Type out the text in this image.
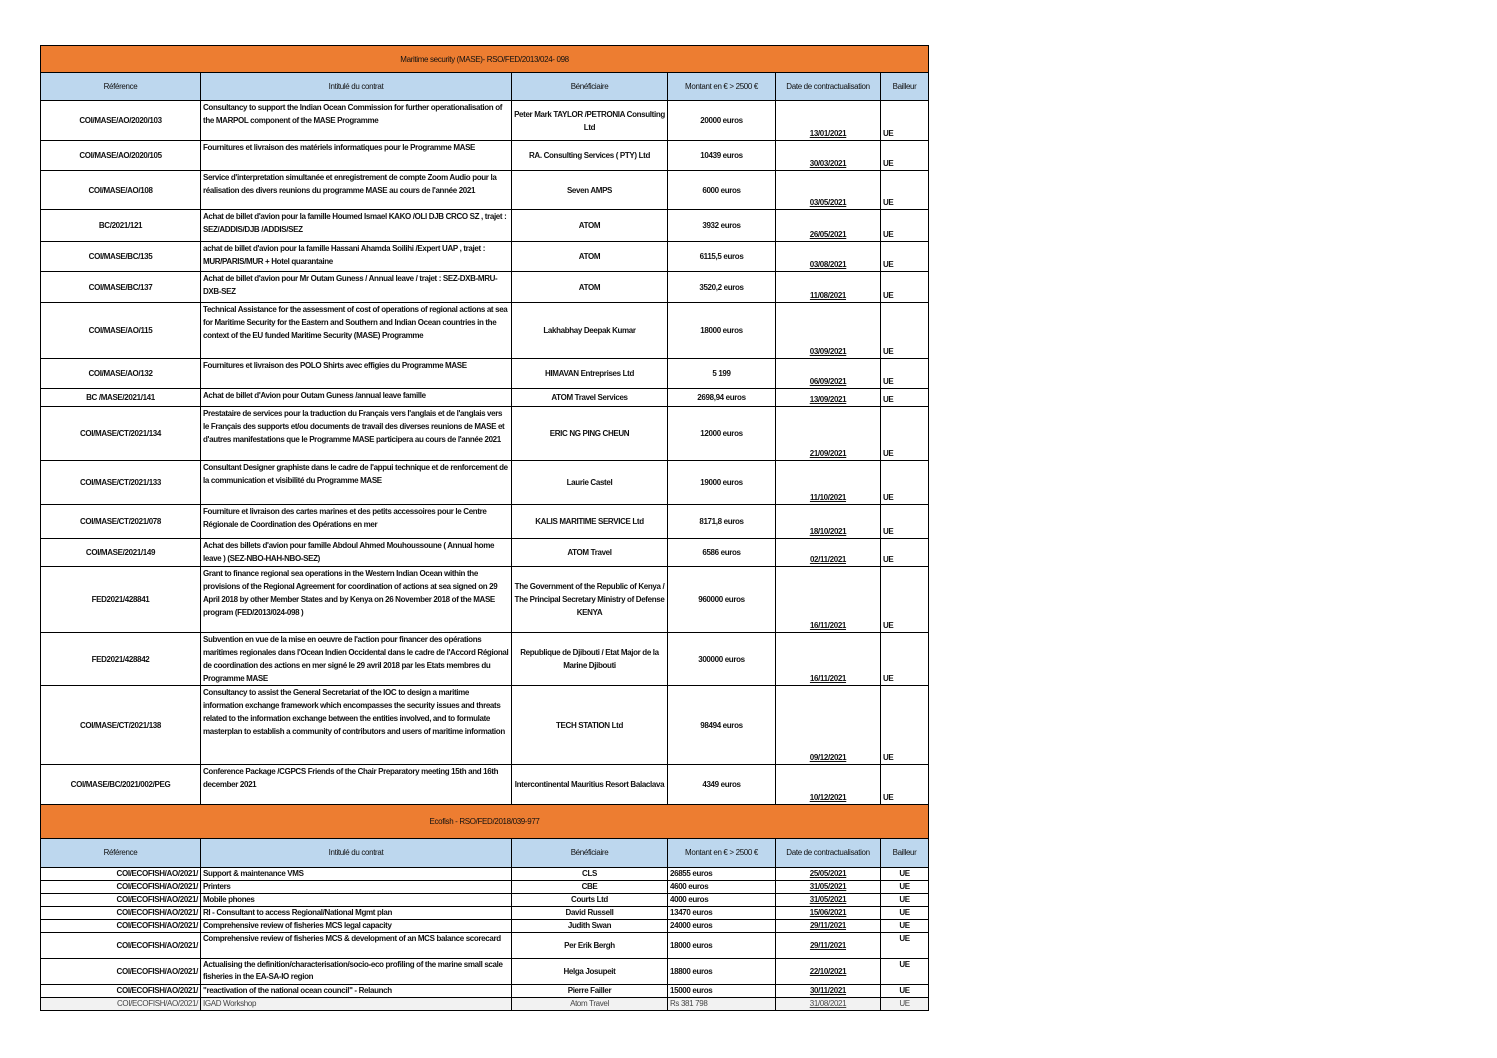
Maritime security (MASE)- RSO/FED/2013/024- 098					
Référence	Intitulé du contrat	Bénéficiaire	Montant en € > 2500 €	Date de contractualisation	Bailleur
COI/MASE/AO/2020/103	Consultancy to support the Indian Ocean Commission for further operationalisation of the MARPOL component of the MASE Programme	Peter Mark TAYLOR /PETRONIA Consulting Ltd	20000 euros	13/01/2021	UE
COI/MASE/AO/2020/105	Fournitures et livraison des matériels informatiques pour le Programme MASE	RA. Consulting Services ( PTY) Ltd	10439 euros	30/03/2021	UE
COI/MASE/AO/108	Service d'interpretation simultanée et enregistrement de compte Zoom Audio pour la réalisation des divers reunions du programme MASE au cours de l'année 2021	Seven AMPS	6000 euros	03/05/2021	UE
BC/2021/121	Achat de billet d'avion pour la famille Houmed Ismael KAKO /OLI DJB CRCO SZ , trajet : SEZ/ADDIS/DJB /ADDIS/SEZ	ATOM	3932 euros	26/05/2021	UE
COI/MASE/BC/135	achat de billet d'avion pour la famille Hassani Ahamda Soilihi /Expert UAP , trajet : MUR/PARIS/MUR + Hotel quarantaine	ATOM	6115,5 euros	03/08/2021	UE
COI/MASE/BC/137	Achat de billet d'avion pour Mr Outam Guness / Annual leave / trajet : SEZ-DXB-MRU-DXB-SEZ	ATOM	3520,2 euros	11/08/2021	UE
COI/MASE/AO/115	Technical Assistance for the assessment of cost of operations of regional actions at sea for Maritime Security for the Eastern and Southern and Indian Ocean countries in the context of the EU funded Maritime Security (MASE) Programme	Lakhabhay Deepak Kumar	18000 euros	03/09/2021	UE
COI/MASE/AO/132	Fournitures et livraison des POLO Shirts avec effigies du Programme MASE	HIMAVAN Entreprises Ltd	5 199	06/09/2021	UE
BC /MASE/2021/141	Achat de billet d'Avion pour Outam Guness /annual leave famille	ATOM Travel Services	2698,94 euros	13/09/2021	UE
COI/MASE/CT/2021/134	Prestataire de services pour la traduction du Français vers l'anglais et de l'anglais vers le Français des supports et/ou documents de travail des diverses reunions de MASE et d'autres manifestations que le Programme MASE participera au cours de l'année 2021	ERIC NG PING CHEUN	12000 euros	21/09/2021	UE
COI/MASE/CT/2021/133	Consultant Designer graphiste dans le cadre de l'appui technique et de renforcement de la communication et visibilité du Programme MASE	Laurie Castel	19000 euros	11/10/2021	UE
COI/MASE/CT/2021/078	Fourniture et livraison des cartes marines et des petits accessoires pour le Centre Régionale de Coordination des Opérations en mer	KALIS MARITIME SERVICE Ltd	8171,8 euros	18/10/2021	UE
COI/MASE/2021/149	Achat des billets d'avion pour famille Abdoul Ahmed Mouhoussoune ( Annual home leave ) (SEZ-NBO-HAH-NBO-SEZ)	ATOM Travel	6586 euros	02/11/2021	UE
FED2021/428841	Grant to finance regional sea operations in the Western Indian Ocean within the provisions of the Regional Agreement for coordination of actions at sea signed on 29 April 2018 by other Member States and by Kenya on 26 November 2018 of the MASE program (FED/2013/024-098 )	The Government of the Republic of Kenya / The Principal Secretary Ministry of Defense KENYA	960000 euros	16/11/2021	UE
FED2021/428842	Subvention en vue de la mise en oeuvre de l'action pour financer des opérations maritimes regionales dans l'Ocean Indien Occidental dans le cadre de l'Accord Régional de coordination des actions en mer signé le 29 avril 2018 par les Etats membres du Programme MASE	Republique de Djibouti / Etat Major de la Marine Djibouti	300000 euros	16/11/2021	UE
COI/MASE/CT/2021/138	Consultancy to assist the General Secretariat of the IOC to design a maritime information exchange framework which encompasses the security issues and threats related to the information exchange between the entities involved, and to formulate masterplan to establish a community of contributors and users of maritime information	TECH STATION Ltd	98494 euros	09/12/2021	UE
COI/MASE/BC/2021/002/PEG	Conference Package /CGPCS Friends of the Chair Preparatory meeting 15th and 16th december 2021	Intercontinental Mauritius Resort Balaclava	4349 euros	10/12/2021	UE
Ecofish - RSO/FED/2018/039-977					
Référence	Intitulé du contrat	Bénéficiaire	Montant en € > 2500 €	Date de contractualisation	Bailleur
COI/ECOFISH/AO/2021/	Support & maintenance VMS	CLS	26855 euros	25/05/2021	UE
COI/ECOFISH/AO/2021/	Printers	CBE	4600 euros	31/05/2021	UE
COI/ECOFISH/AO/2021/	Mobile phones	Courts Ltd	4000 euros	31/05/2021	UE
COI/ECOFISH/AO/2021/	RI - Consultant to access Regional/National Mgmt plan	David Russell	13470 euros	15/06/2021	UE
COI/ECOFISH/AO/2021/	Comprehensive review of fisheries MCS legal capacity	Judith Swan	24000 euros	29/11/2021	UE
COI/ECOFISH/AO/2021/	Comprehensive review of fisheries MCS & development of an MCS balance scorecard	Per Erik Bergh	18000 euros	29/11/2021	UE
COI/ECOFISH/AO/2021/	Actualising the definition/characterisation/socio-eco profiling of the marine small scale fisheries in the EA-SA-IO region	Helga Josupeit	18800 euros	22/10/2021	UE
COI/ECOFISH/AO/2021/	"reactivation of the national ocean council" - Relaunch	Pierre Failler	15000 euros	30/11/2021	UE
COI/ECOFISH/AO/2021/	IGAD Workshop	Atom Travel	Rs 381 798	31/08/2021	UE
